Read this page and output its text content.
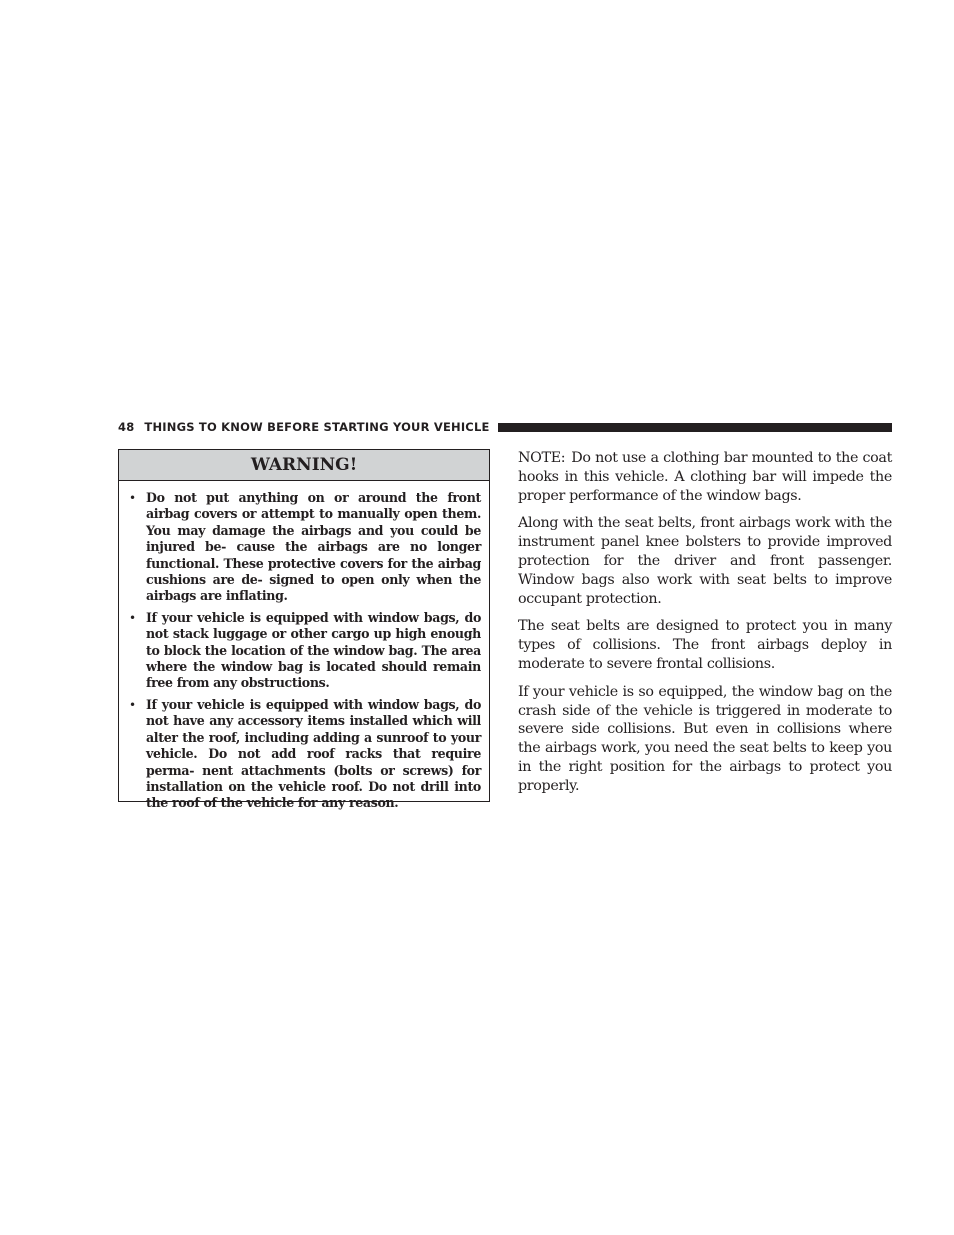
48 THINGS TO KNOW BEFORE STARTING YOUR VEHICLE
WARNING!
• Do not put anything on or around the front airbag covers or attempt to manually open them. You may damage the airbags and you could be injured be- cause the airbags are no longer functional. These protective covers for the airbag cushions are de- signed to open only when the airbags are inflating.
• If your vehicle is equipped with window bags, do not stack luggage or other cargo up high enough to block the location of the window bag. The area where the window bag is located should remain free from any obstructions.
• If your vehicle is equipped with window bags, do not have any accessory items installed which will alter the roof, including adding a sunroof to your vehicle. Do not add roof racks that require perma- nent attachments (bolts or screws) for installation on the vehicle roof. Do not drill into the roof of the vehicle for any reason.

NOTE: Do not use a clothing bar mounted to the coat hooks in this vehicle. A clothing bar will impede the proper performance of the window bags.

Along with the seat belts, front airbags work with the instrument panel knee bolsters to provide improved protection for the driver and front passenger. Window bags also work with seat belts to improve occupant protection.

The seat belts are designed to protect you in many types of collisions. The front airbags deploy in moderate to severe frontal collisions.

If your vehicle is so equipped, the window bag on the crash side of the vehicle is triggered in moderate to severe side collisions. But even in collisions where the airbags work, you need the seat belts to keep you in the right position for the airbags to protect you properly.
